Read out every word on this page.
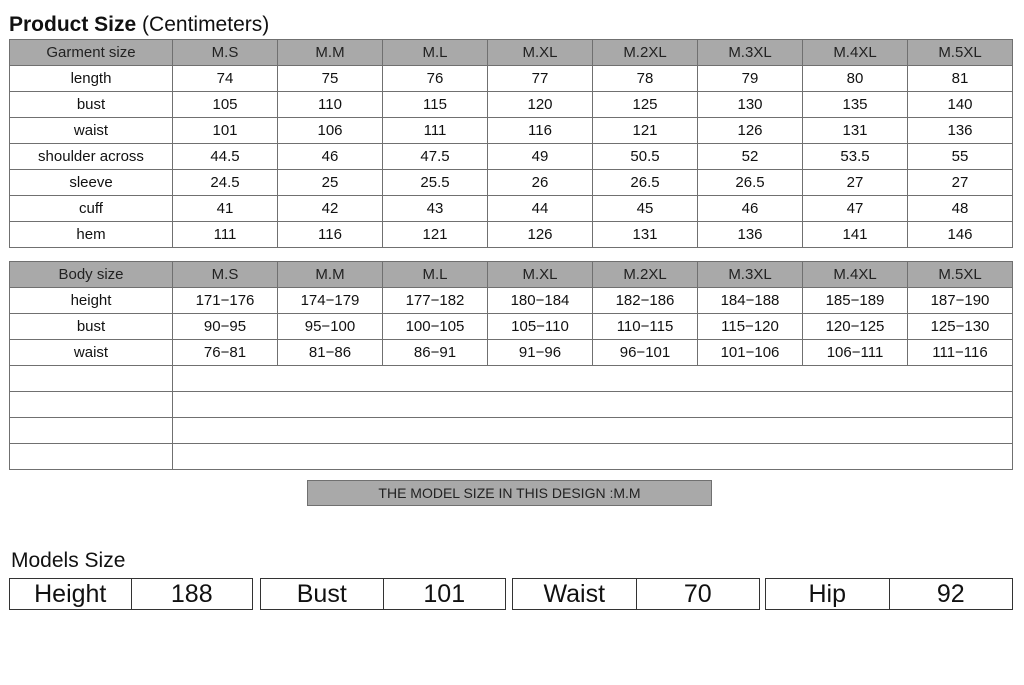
Product Size (Centimeters)
Garment size	M.S	M.M	M.L	M.XL	M.2XL	M.3XL	M.4XL	M.5XL
length	74	75	76	77	78	79	80	81
bust	105	110	115	120	125	130	135	140
waist	101	106	111	116	121	126	131	136
shoulder across	44.5	46	47.5	49	50.5	52	53.5	55
sleeve	24.5	25	25.5	26	26.5	26.5	27	27
cuff	41	42	43	44	45	46	47	48
hem	111	116	121	126	131	136	141	146
Body size	M.S	M.M	M.L	M.XL	M.2XL	M.3XL	M.4XL	M.5XL
height	171−176	174−179	177−182	180−184	182−186	184−188	185−189	187−190
bust	90−95	95−100	100−105	105−110	110−115	115−120	120−125	125−130
waist	76−81	81−86	86−91	91−96	96−101	101−106	106−111	111−116

THE MODEL SIZE IN THIS DESIGN :M.M
Models Size
Height	188	Bust	101	Waist	70	Hip	92
